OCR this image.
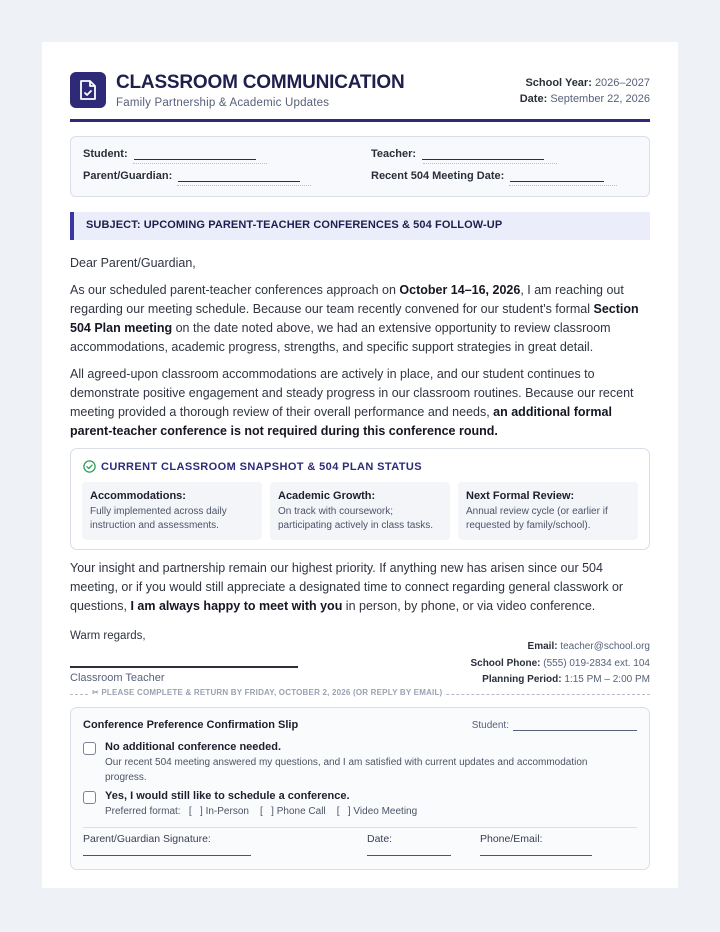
CLASSROOM COMMUNICATION
Family Partnership & Academic Updates
School Year: 2026–2027
Date: September 22, 2026
Student:	Teacher:
Parent/Guardian:	Recent 504 Meeting Date:
SUBJECT: UPCOMING PARENT-TEACHER CONFERENCES & 504 FOLLOW-UP
Dear Parent/Guardian,
As our scheduled parent-teacher conferences approach on October 14–16, 2026, I am reaching out regarding our meeting schedule. Because our team recently convened for our student's formal Section 504 Plan meeting on the date noted above, we had an extensive opportunity to review classroom accommodations, academic progress, strengths, and specific support strategies in great detail.
All agreed-upon classroom accommodations are actively in place, and our student continues to demonstrate positive engagement and steady progress in our classroom routines. Because our recent meeting provided a thorough review of their overall performance and needs, an additional formal parent-teacher conference is not required during this conference round.
CURRENT CLASSROOM SNAPSHOT & 504 PLAN STATUS
Accommodations:
Fully implemented across daily instruction and assessments.
Academic Growth:
On track with coursework; participating actively in class tasks.
Next Formal Review:
Annual review cycle (or earlier if requested by family/school).
Your insight and partnership remain our highest priority. If anything new has arisen since our 504 meeting, or if you would still appreciate a designated time to connect regarding general classwork or questions, I am always happy to meet with you in person, by phone, or via video conference.
Warm regards,
Email: teacher@school.org
School Phone: (555) 019-2834 ext. 104
Planning Period: 1:15 PM – 2:00 PM
Classroom Teacher
✂ PLEASE COMPLETE & RETURN BY FRIDAY, OCTOBER 2, 2026 (OR REPLY BY EMAIL)
Conference Preference Confirmation Slip	Student:
No additional conference needed.
Our recent 504 meeting answered my questions, and I am satisfied with current updates and accommodation progress.
Yes, I would still like to schedule a conference.
Preferred format:   [   ] In-Person    [   ] Phone Call    [   ] Video Meeting
Parent/Guardian Signature:	Date:	Phone/Email:
